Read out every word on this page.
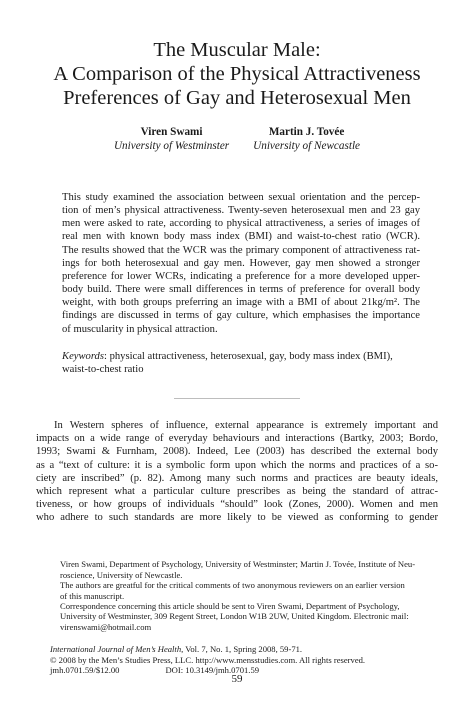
The Muscular Male:
A Comparison of the Physical Attractiveness
Preferences of Gay and Heterosexual Men
Viren Swami
University of Westminster
Martin J. Tovée
University of Newcastle
This study examined the association between sexual orientation and the percep-
tion of men’s physical attractiveness. Twenty-seven heterosexual men and 23 gay
men were asked to rate, according to physical attractiveness, a series of images of
real men with known body mass index (BMI) and waist-to-chest ratio (WCR).
The results showed that the WCR was the primary component of attractiveness rat-
ings for both heterosexual and gay men. However, gay men showed a stronger
preference for lower WCRs, indicating a preference for a more developed upper-
body build. There were small differences in terms of preference for overall body
weight, with both groups preferring an image with a BMI of about 21kg/m². The
findings are discussed in terms of gay culture, which emphasises the importance
of muscularity in physical attraction.
Keywords: physical attractiveness, heterosexual, gay, body mass index (BMI),
waist-to-chest ratio
In Western spheres of influence, external appearance is extremely important and
impacts on a wide range of everyday behaviours and interactions (Bartky, 2003; Bordo,
1993; Swami & Furnham, 2008). Indeed, Lee (2003) has described the external body
as a “text of culture: it is a symbolic form upon which the norms and practices of a so-
ciety are inscribed” (p. 82). Among many such norms and practices are beauty ideals,
which represent what a particular culture prescribes as being the standard of attrac-
tiveness, or how groups of individuals “should” look (Zones, 2000). Women and men
who adhere to such standards are more likely to be viewed as conforming to gender

Viren Swami, Department of Psychology, University of Westminster; Martin J. Tovée, Institute of Neu-
roscience, University of Newcastle.

The authors are greatful for the critical comments of two anonymous reviewers on an earlier version
of this manuscript.

Correspondence concerning this article should be sent to Viren Swami, Department of Psychology,
University of Westminster, 309 Regent Street, London W1B 2UW, United Kingdom. Electronic mail:
virenswami@hotmail.com

International Journal of Men’s Health, Vol. 7, No. 1, Spring 2008, 59-71.
© 2008 by the Men’s Studies Press, LLC. http://www.mensstudies.com. All rights reserved.
jmh.0701.59/$12.00	DOI: 10.3149/jmh.0701.59
59
